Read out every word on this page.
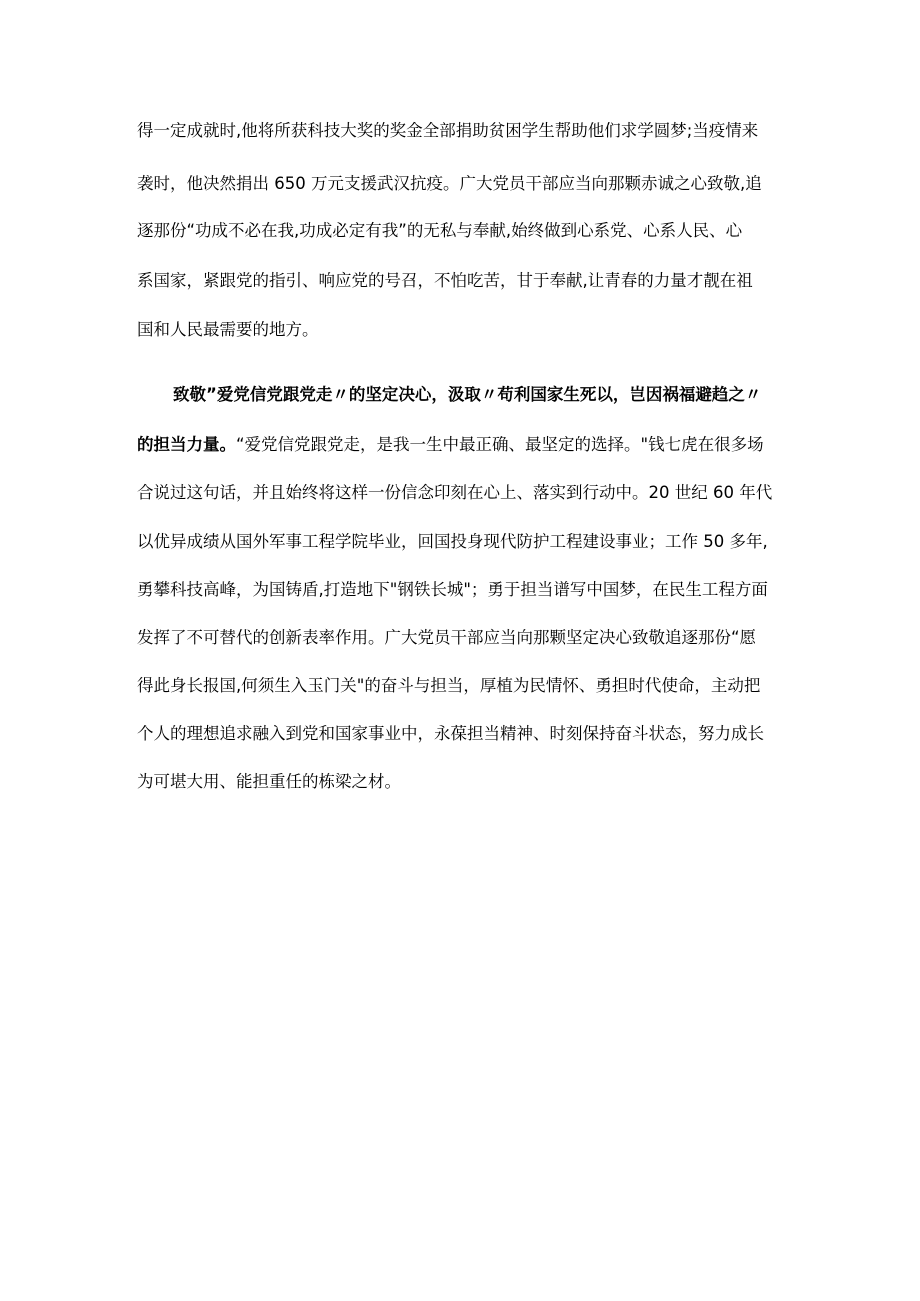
得一定成就时,他将所获科技大奖的奖金全部捐助贫困学生帮助他们求学圆梦;当疫情来
袭时，他决然捐出 650 万元支援武汉抗疫。广大党员干部应当向那颗赤诚之心致敬,追
逐那份“功成不必在我,功成必定有我”的无私与奉献,始终做到心系党、心系人民、心
系国家，紧跟党的指引、响应党的号召，不怕吃苦，甘于奉献,让青春的力量才靓在祖
国和人民最需要的地方。
致敬”爱党信党跟党走〃的坚定决心，汲取〃苟利国家生死以，岂因祸福避趋之〃
的担当力量。“爱党信党跟党走，是我一生中最正确、最坚定的选择。"钱七虎在很多场
合说过这句话，并且始终将这样一份信念印刻在心上、落实到行动中。20 世纪 60 年代
以优异成绩从国外军事工程学院毕业，回国投身现代防护工程建设事业；工作 50 多年,
勇攀科技高峰，为国铸盾,打造地下"钢铁长城"；勇于担当谱写中国梦，在民生工程方面
发挥了不可替代的创新表率作用。广大党员干部应当向那颗坚定决心致敬追逐那份“愿
得此身长报国,何须生入玉门关"的奋斗与担当，厚植为民情怀、勇担时代使命，主动把
个人的理想追求融入到党和国家事业中，永葆担当精神、时刻保持奋斗状态，努力成长
为可堪大用、能担重任的栋梁之材。
